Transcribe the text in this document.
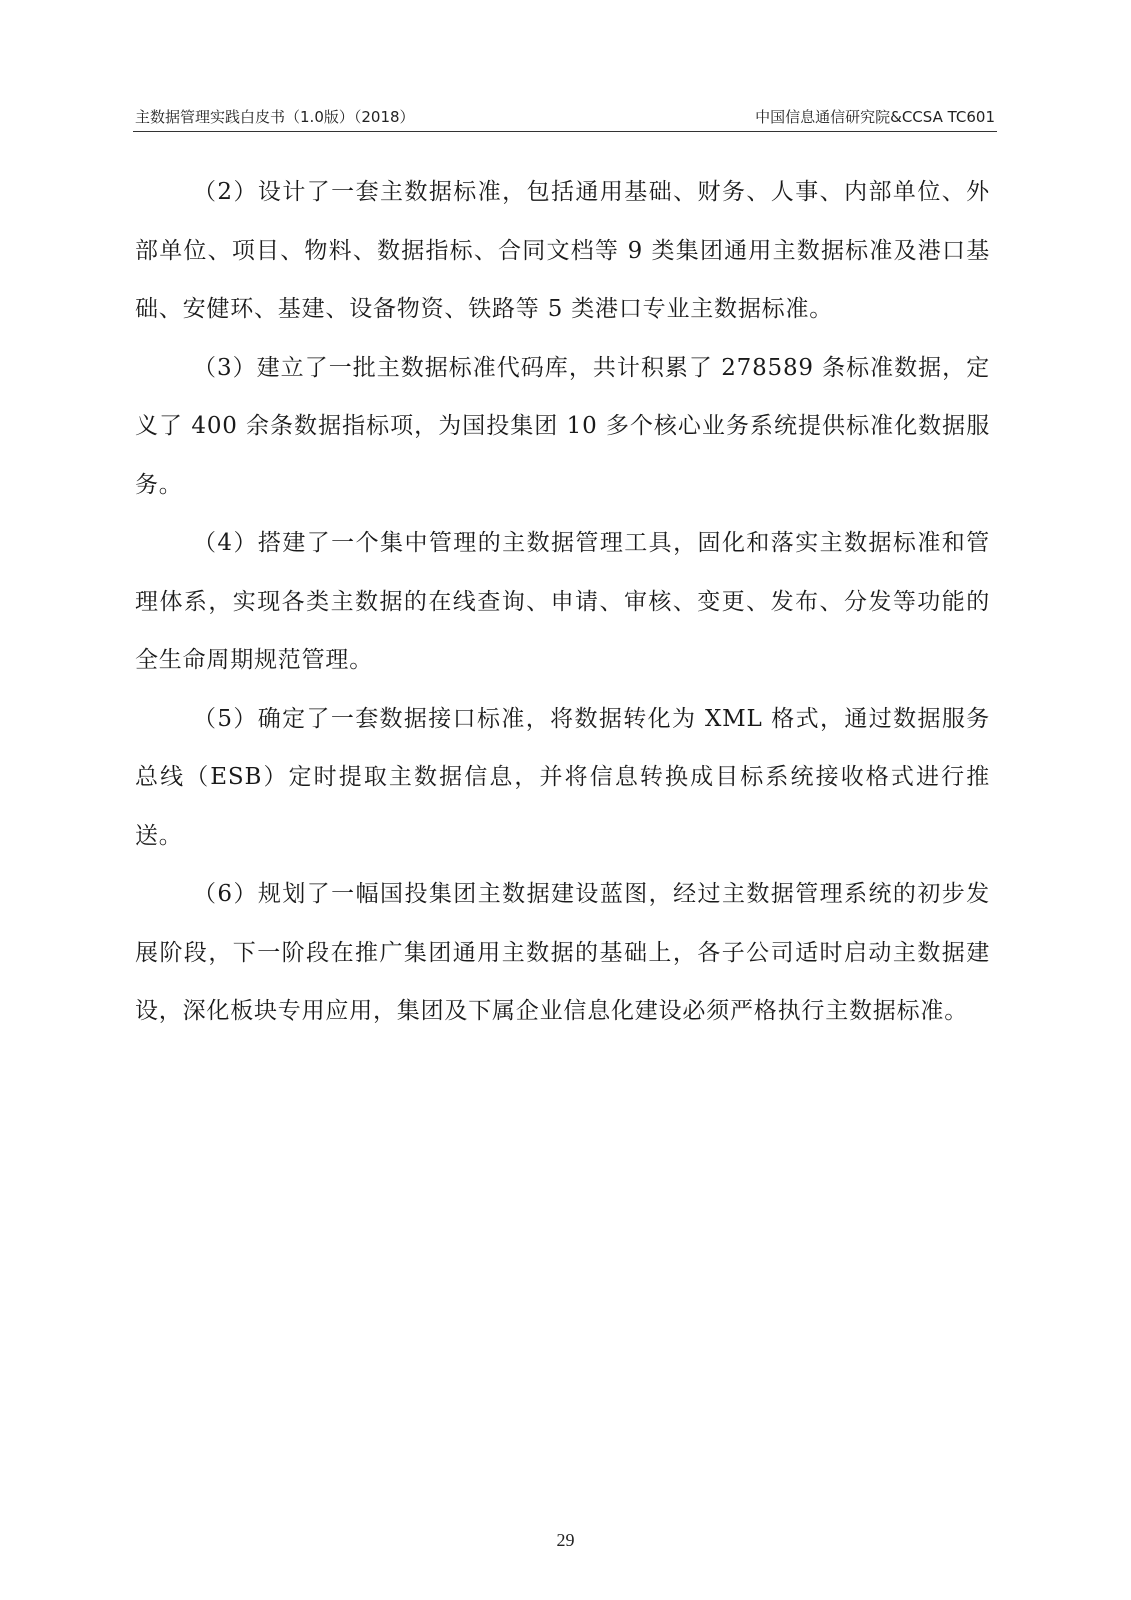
主数据管理实践白皮书（1.0版）（2018）	中国信息通信研究院&CCSA TC601

（2）设计了一套主数据标准，包括通用基础、财务、人事、内部单位、外部单位、项目、物料、数据指标、合同文档等 9 类集团通用主数据标准及港口基础、安健环、基建、设备物资、铁路等 5 类港口专业主数据标准。

（3）建立了一批主数据标准代码库，共计积累了 278589 条标准数据，定义了 400 余条数据指标项，为国投集团 10 多个核心业务系统提供标准化数据服务。

（4）搭建了一个集中管理的主数据管理工具，固化和落实主数据标准和管理体系，实现各类主数据的在线查询、申请、审核、变更、发布、分发等功能的全生命周期规范管理。

（5）确定了一套数据接口标准，将数据转化为 XML 格式，通过数据服务总线（ESB）定时提取主数据信息，并将信息转换成目标系统接收格式进行推送。

（6）规划了一幅国投集团主数据建设蓝图，经过主数据管理系统的初步发展阶段，下一阶段在推广集团通用主数据的基础上，各子公司适时启动主数据建设，深化板块专用应用，集团及下属企业信息化建设必须严格执行主数据标准。

29
